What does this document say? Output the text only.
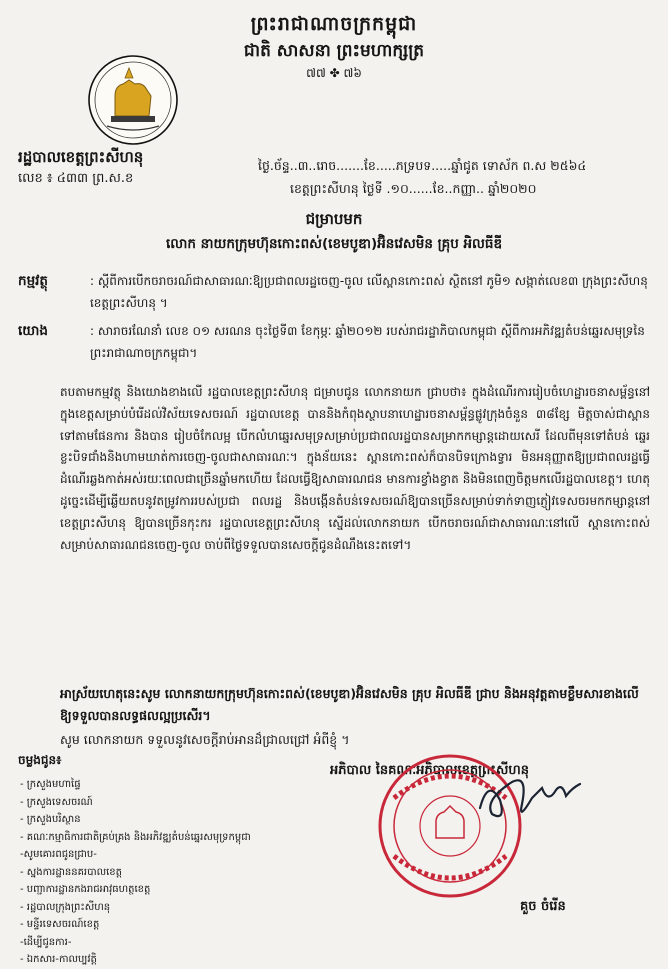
ព្រះរាជាណាចក្រកម្ពុជា
ជាតិ សាសនា ព្រះមហាក្សត្រ
៧៧ ✤ ៧៦
រដ្ឋបាលខេត្តព្រះសីហនុ
លេខ ៖ ៤៣៣ ព្រ.ស.ខ
ថ្ងៃ.ច័ន្ទ..៣..រោច.......ខែ.....ភទ្របទ.....ឆ្នាំជូត ទោស័ក ព.ស ២៥៦៤
ខេត្តព្រះសីហនុ ថ្ងៃទី .១០......ខែ..កញ្ញា.. ឆ្នាំ២០២០
ជម្រាបមក
លោក នាយកក្រុមហ៊ុនកោះពស់(ខេមបូឌា)អ៊ិនវេសមិន គ្រុប អិលធីឌី
កម្មវត្ថុ	: ស្តីពីការបើកចរាចរណ៍ជាសាធារណៈឱ្យប្រជាពលរដ្ឋចេញ-ចូល លើស្ពានកោះពស់ ស្ថិតនៅ ភូមិ១ សង្កាត់លេខ៣ ក្រុងព្រះសីហនុ ខេត្តព្រះសីហនុ ។
យោង	: សារាចរណែនាំ លេខ ០១ សរណន ចុះថ្ងៃទី៣ ខែកុម្ភៈ ឆ្នាំ២០១២ របស់រាជរដ្ឋាភិបាលកម្ពុជា ស្តីពីការអភិវឌ្ឍតំបន់ឆ្នេរសមុទ្រនៃព្រះរាជាណាចក្រកម្ពុជា។
តបតាមកម្មវត្ថុ និងយោងខាងលើ រដ្ឋបាលខេត្តព្រះសីហនុ ជម្រាបជូន លោកនាយក ជ្រាបថា៖ ក្នុងដំណើរការរៀបចំហេដ្ឋារចនាសម្ព័ន្ធនៅក្នុងខេត្តសម្រាប់បំរើដល់វិស័យទេសចរណ៍ រដ្ឋបាលខេត្ត បាននិងកំពុងស្ថាបនាហេដ្ឋារចនាសម្ព័ន្ធផ្លូវក្រុងចំនួន ៣៨ខ្សែ មិត្តចាស់ជាស្ពានទៅតាមផែនការ និងបាន រៀបចំកែលម្អ បើកលំហឆ្នេរសមុទ្រសម្រាប់ប្រជាពលរដ្ឋបានសម្រាកកម្សាន្តដោយសេរី ដែលពីមុនទៅតំបន់ ឆ្នេរខ្លះបិទជាំងនិងហាមឃាត់ការចេញ-ចូលជាសាធារណៈ។ ក្នុងន័យនេះ ស្ពានកោះពស់ក៏បានបិទក្រោងទ្វារ មិនអនុញ្ញាតឱ្យប្រជាពលរដ្ឋធ្វើដំណើរឆ្លងកាត់អស់រយៈពេលជាច្រើនឆ្នាំមកហើយ ដែលធ្វើឱ្យសាធារណជន មានការខ្វាំងខ្វាត និងមិនពេញចិត្តមកលើរដ្ឋបាលខេត្ត។ ហេតុដូច្នេះដើម្បីឆ្លើយតបនូវតម្រូវការរបស់ប្រជា ពលរដ្ឋ និងបង្កើនតំបន់ទេសចរណ៍ឱ្យបានច្រើនសម្រាប់ទាក់ទាញភ្ញៀវទេសចរមកកម្សាន្តនៅខេត្តព្រះសីហនុ ឱ្យបានច្រើនកុះករ រដ្ឋបាលខេត្តព្រះសីហនុ ស្នើដល់លោកនាយក បើកចរាចរណ៍ជាសាធារណៈនៅលើ ស្ពានកោះពស់ សម្រាប់សាធារណជនចេញ-ចូល ចាប់ពីថ្ងៃទទួលបានសេចក្តីជូនដំណឹងនេះតទៅ។
អាស្រ័យហេតុនេះសូម លោកនាយកក្រុមហ៊ុនកោះពស់(ខេមបូឌា)អ៊ិនវេសមិន គ្រុប អិលធីឌី ជ្រាប និងអនុវត្តតាមខ្លឹមសារខាងលើឱ្យទទួលបានលទ្ធផលល្អប្រសើរ។
សូម លោកនាយក ទទួលនូវសេចក្តីរាប់អានដ៏ជ្រាលជ្រៅ អំពីខ្ញុំ ។
អភិបាល នៃគណៈអភិបាលខេត្តព្រះសីហនុ
គួច ចំរើន
ចម្លងជូន៖
- ក្រសួងមហាផ្ទៃ
- ក្រសួងទេសចរណ៍
- ក្រសួងបរិស្ថាន
- គណៈកម្មាធិការជាតិគ្រប់គ្រង និងអភិវឌ្ឍតំបន់ឆ្នេរសមុទ្រកម្ពុជា
-សូមគោរពជូនជ្រាប-
- ស្នងការដ្ឋាននគរបាលខេត្ត
- បញ្ជាការដ្ឋានកងរាជអាវុធហត្ថខេត្ត
- រដ្ឋបាលក្រុងព្រះសីហនុ
- មន្ទីរទេសចរណ៍ខេត្ត
-ដើម្បីជូនការ-
- ឯកសារ-កាលប្បវត្តិ
